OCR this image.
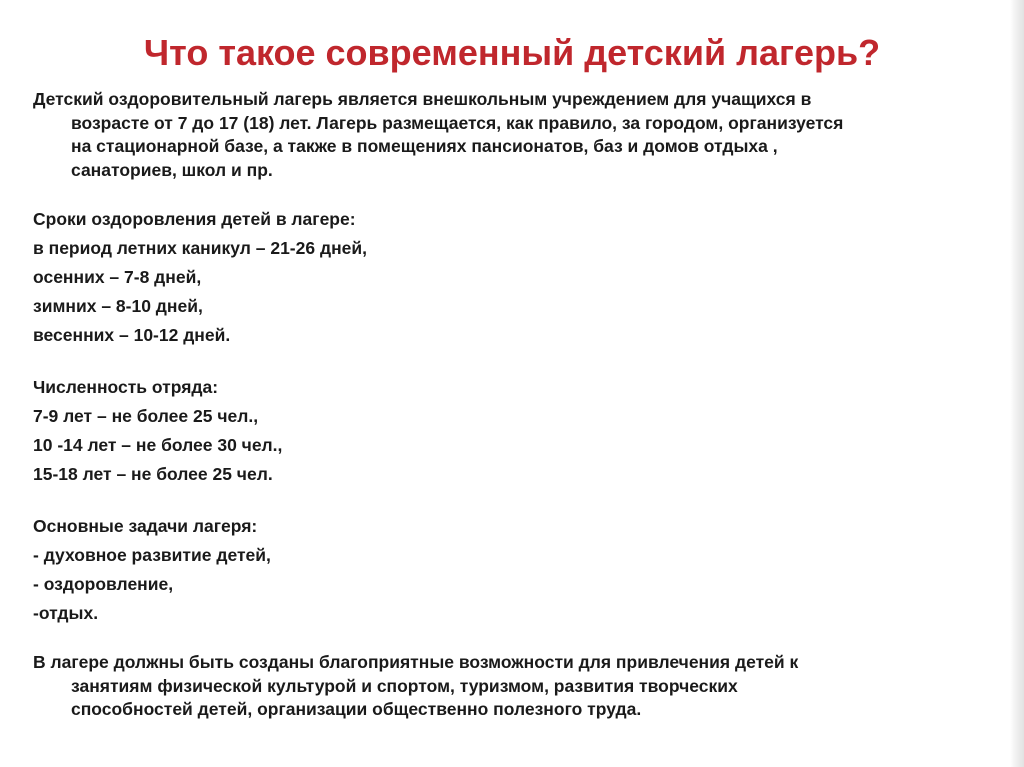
Что такое современный детский лагерь?

Детский оздоровительный лагерь является внешкольным учреждением для учащихся в
возрасте от 7 до 17 (18) лет. Лагерь размещается, как правило, за городом, организуется
на стационарной базе, а также в помещениях пансионатов, баз и домов отдыха ,
санаториев, школ и пр.

Сроки оздоровления детей в лагере:

в период летних каникул – 21-26 дней,

осенних – 7-8 дней,

зимних – 8-10 дней,

весенних – 10-12 дней.

Численность отряда:

7-9 лет – не более 25 чел.,

10 -14 лет – не более 30 чел.,

15-18 лет – не более 25 чел.

Основные задачи лагеря:

- духовное развитие детей,

- оздоровление,

-отдых.

В лагере должны быть созданы благоприятные возможности для привлечения детей к
занятиям физической культурой и спортом, туризмом, развития творческих
способностей детей, организации общественно полезного труда.
